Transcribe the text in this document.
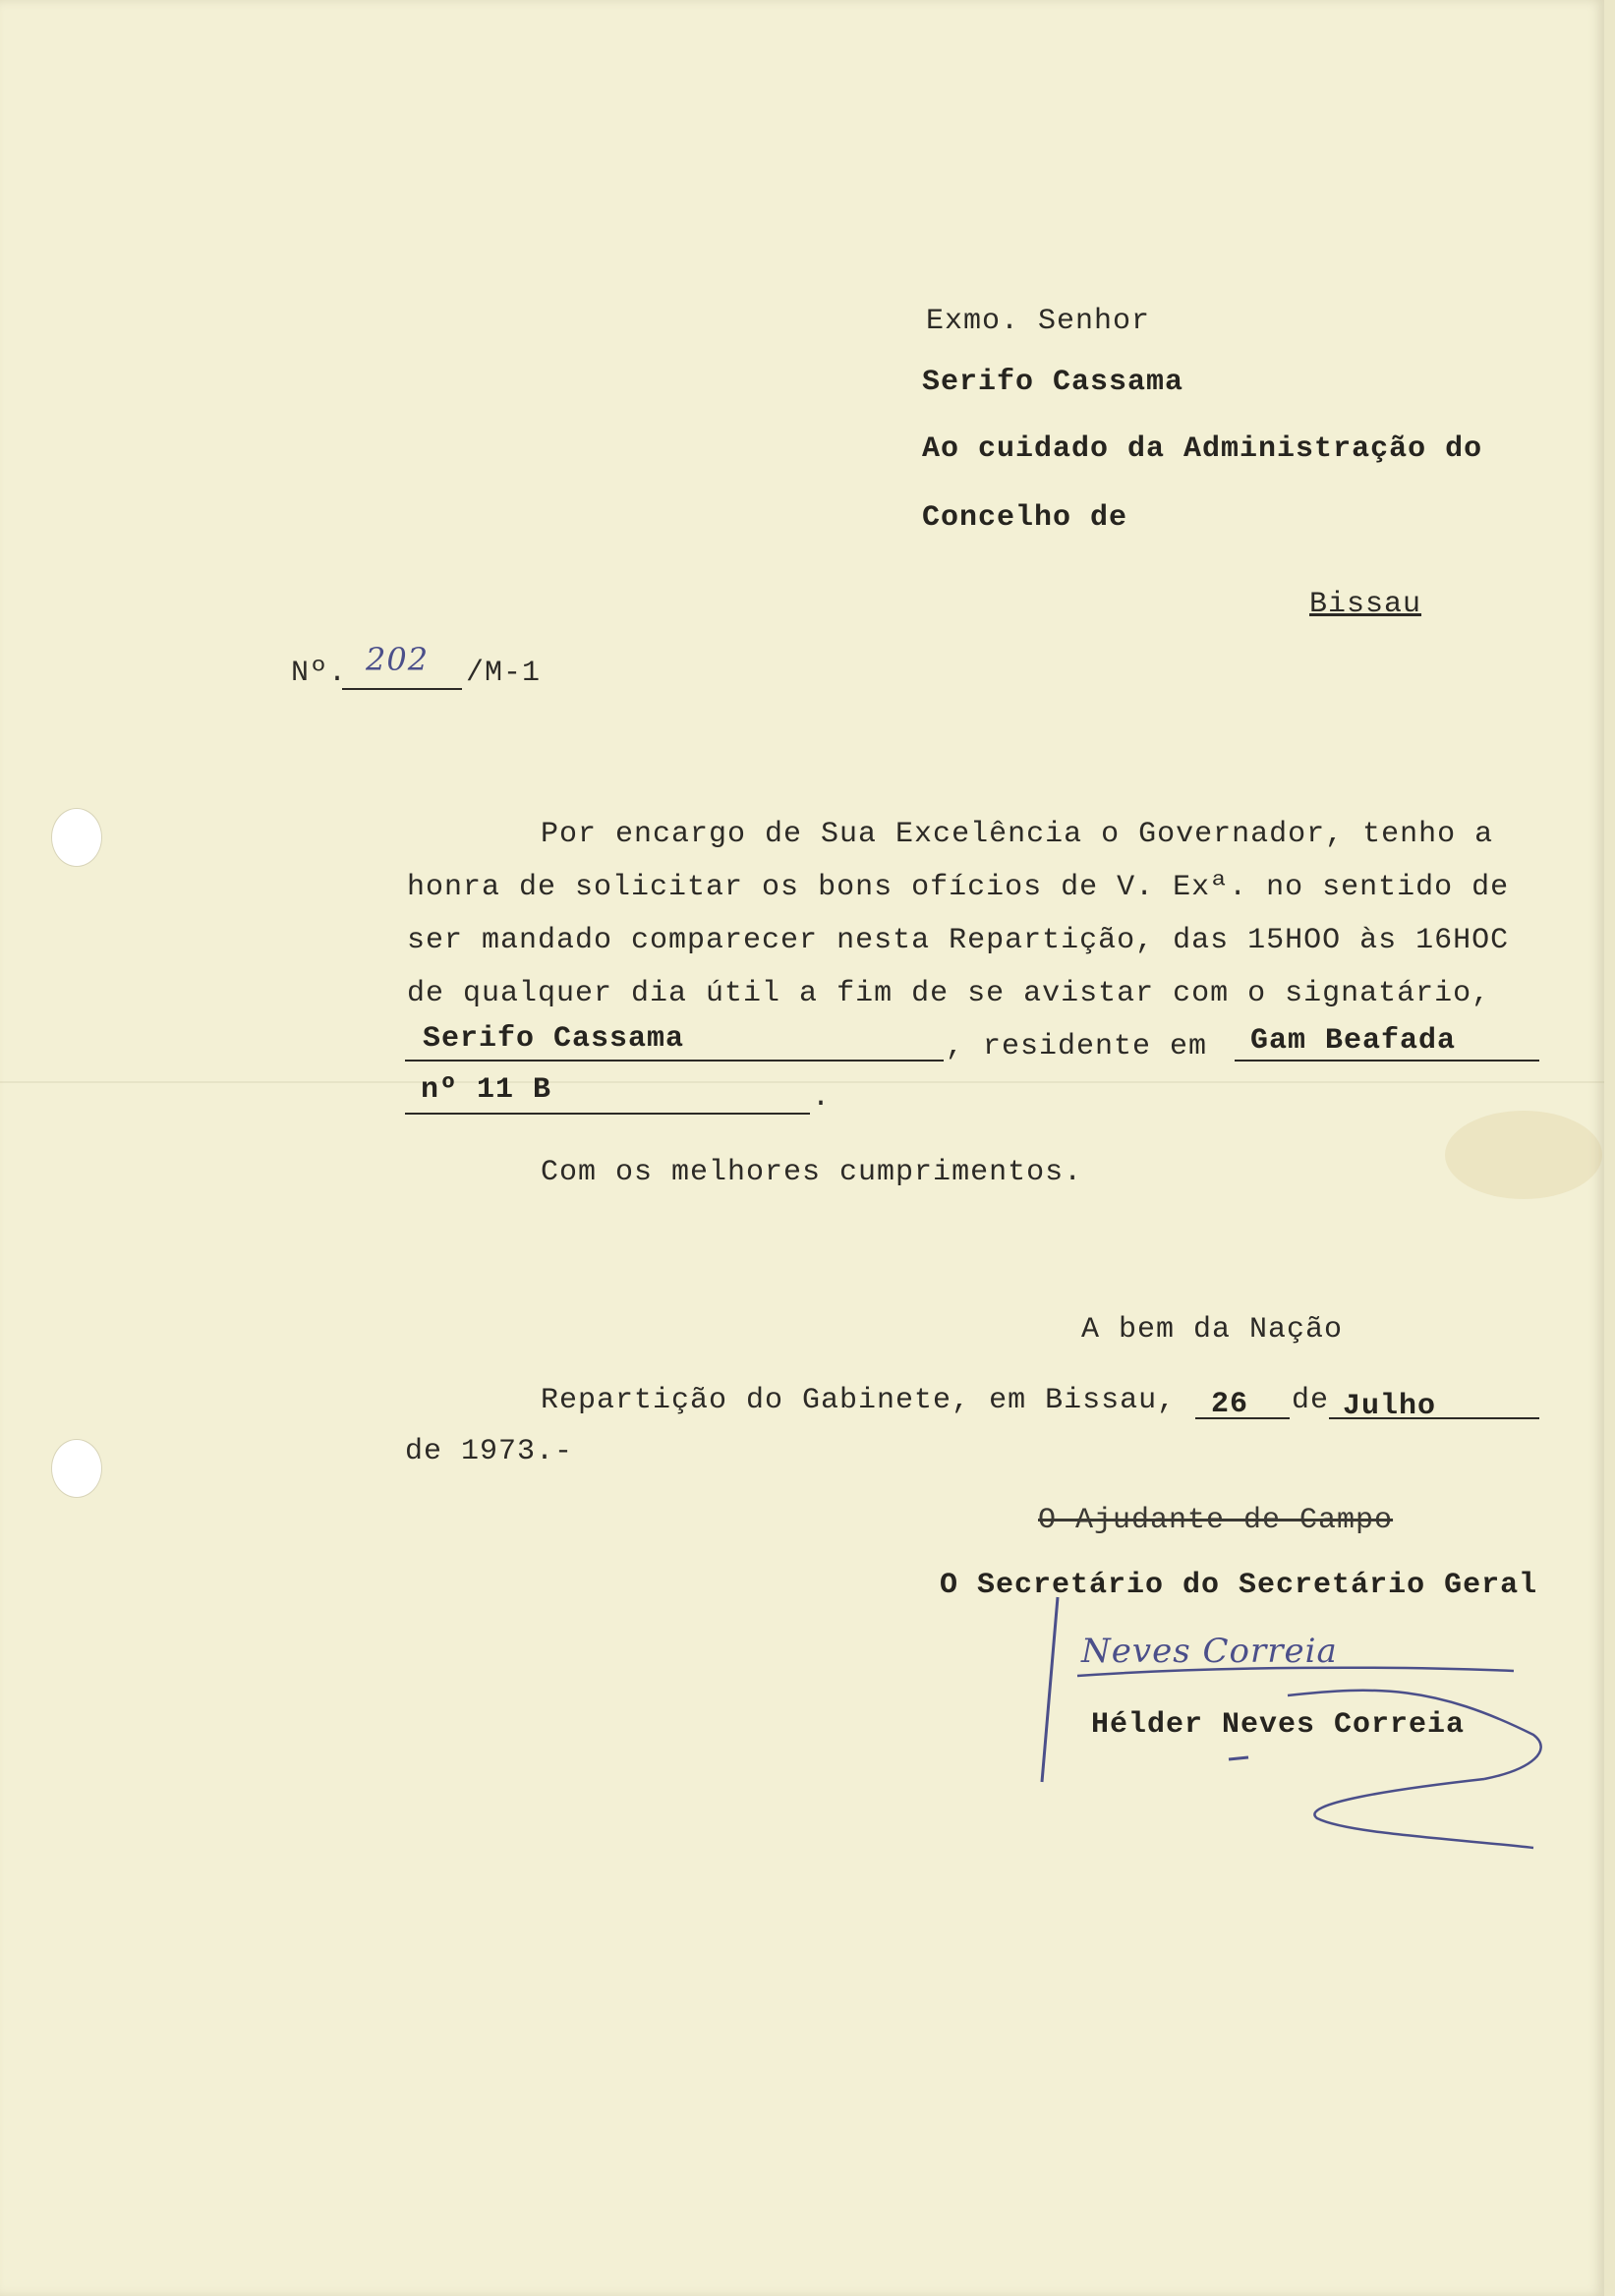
Exmo. Senhor
Serifo Cassama
Ao cuidado da Administração do
Concelho de
Bissau
Nº. 202 /M-1
Por encargo de Sua Excelência o Governador, tenho a
honra de solicitar os bons ofícios de V. Exª. no sentido de
ser mandado comparecer nesta Repartição, das 15HOO às 16HOC
de qualquer dia útil a fim de se avistar com o signatário,
Serifo Cassama	, residente em Gam Beafada
nº 11 B	.
Com os melhores cumprimentos.
A bem da Nação
Repartição do Gabinete, em Bissau, 26 de Julho
de 1973.-
O Ajudante de Campo
O Secretário do Secretário Geral
Neves Correia
Hélder Neves Correia
